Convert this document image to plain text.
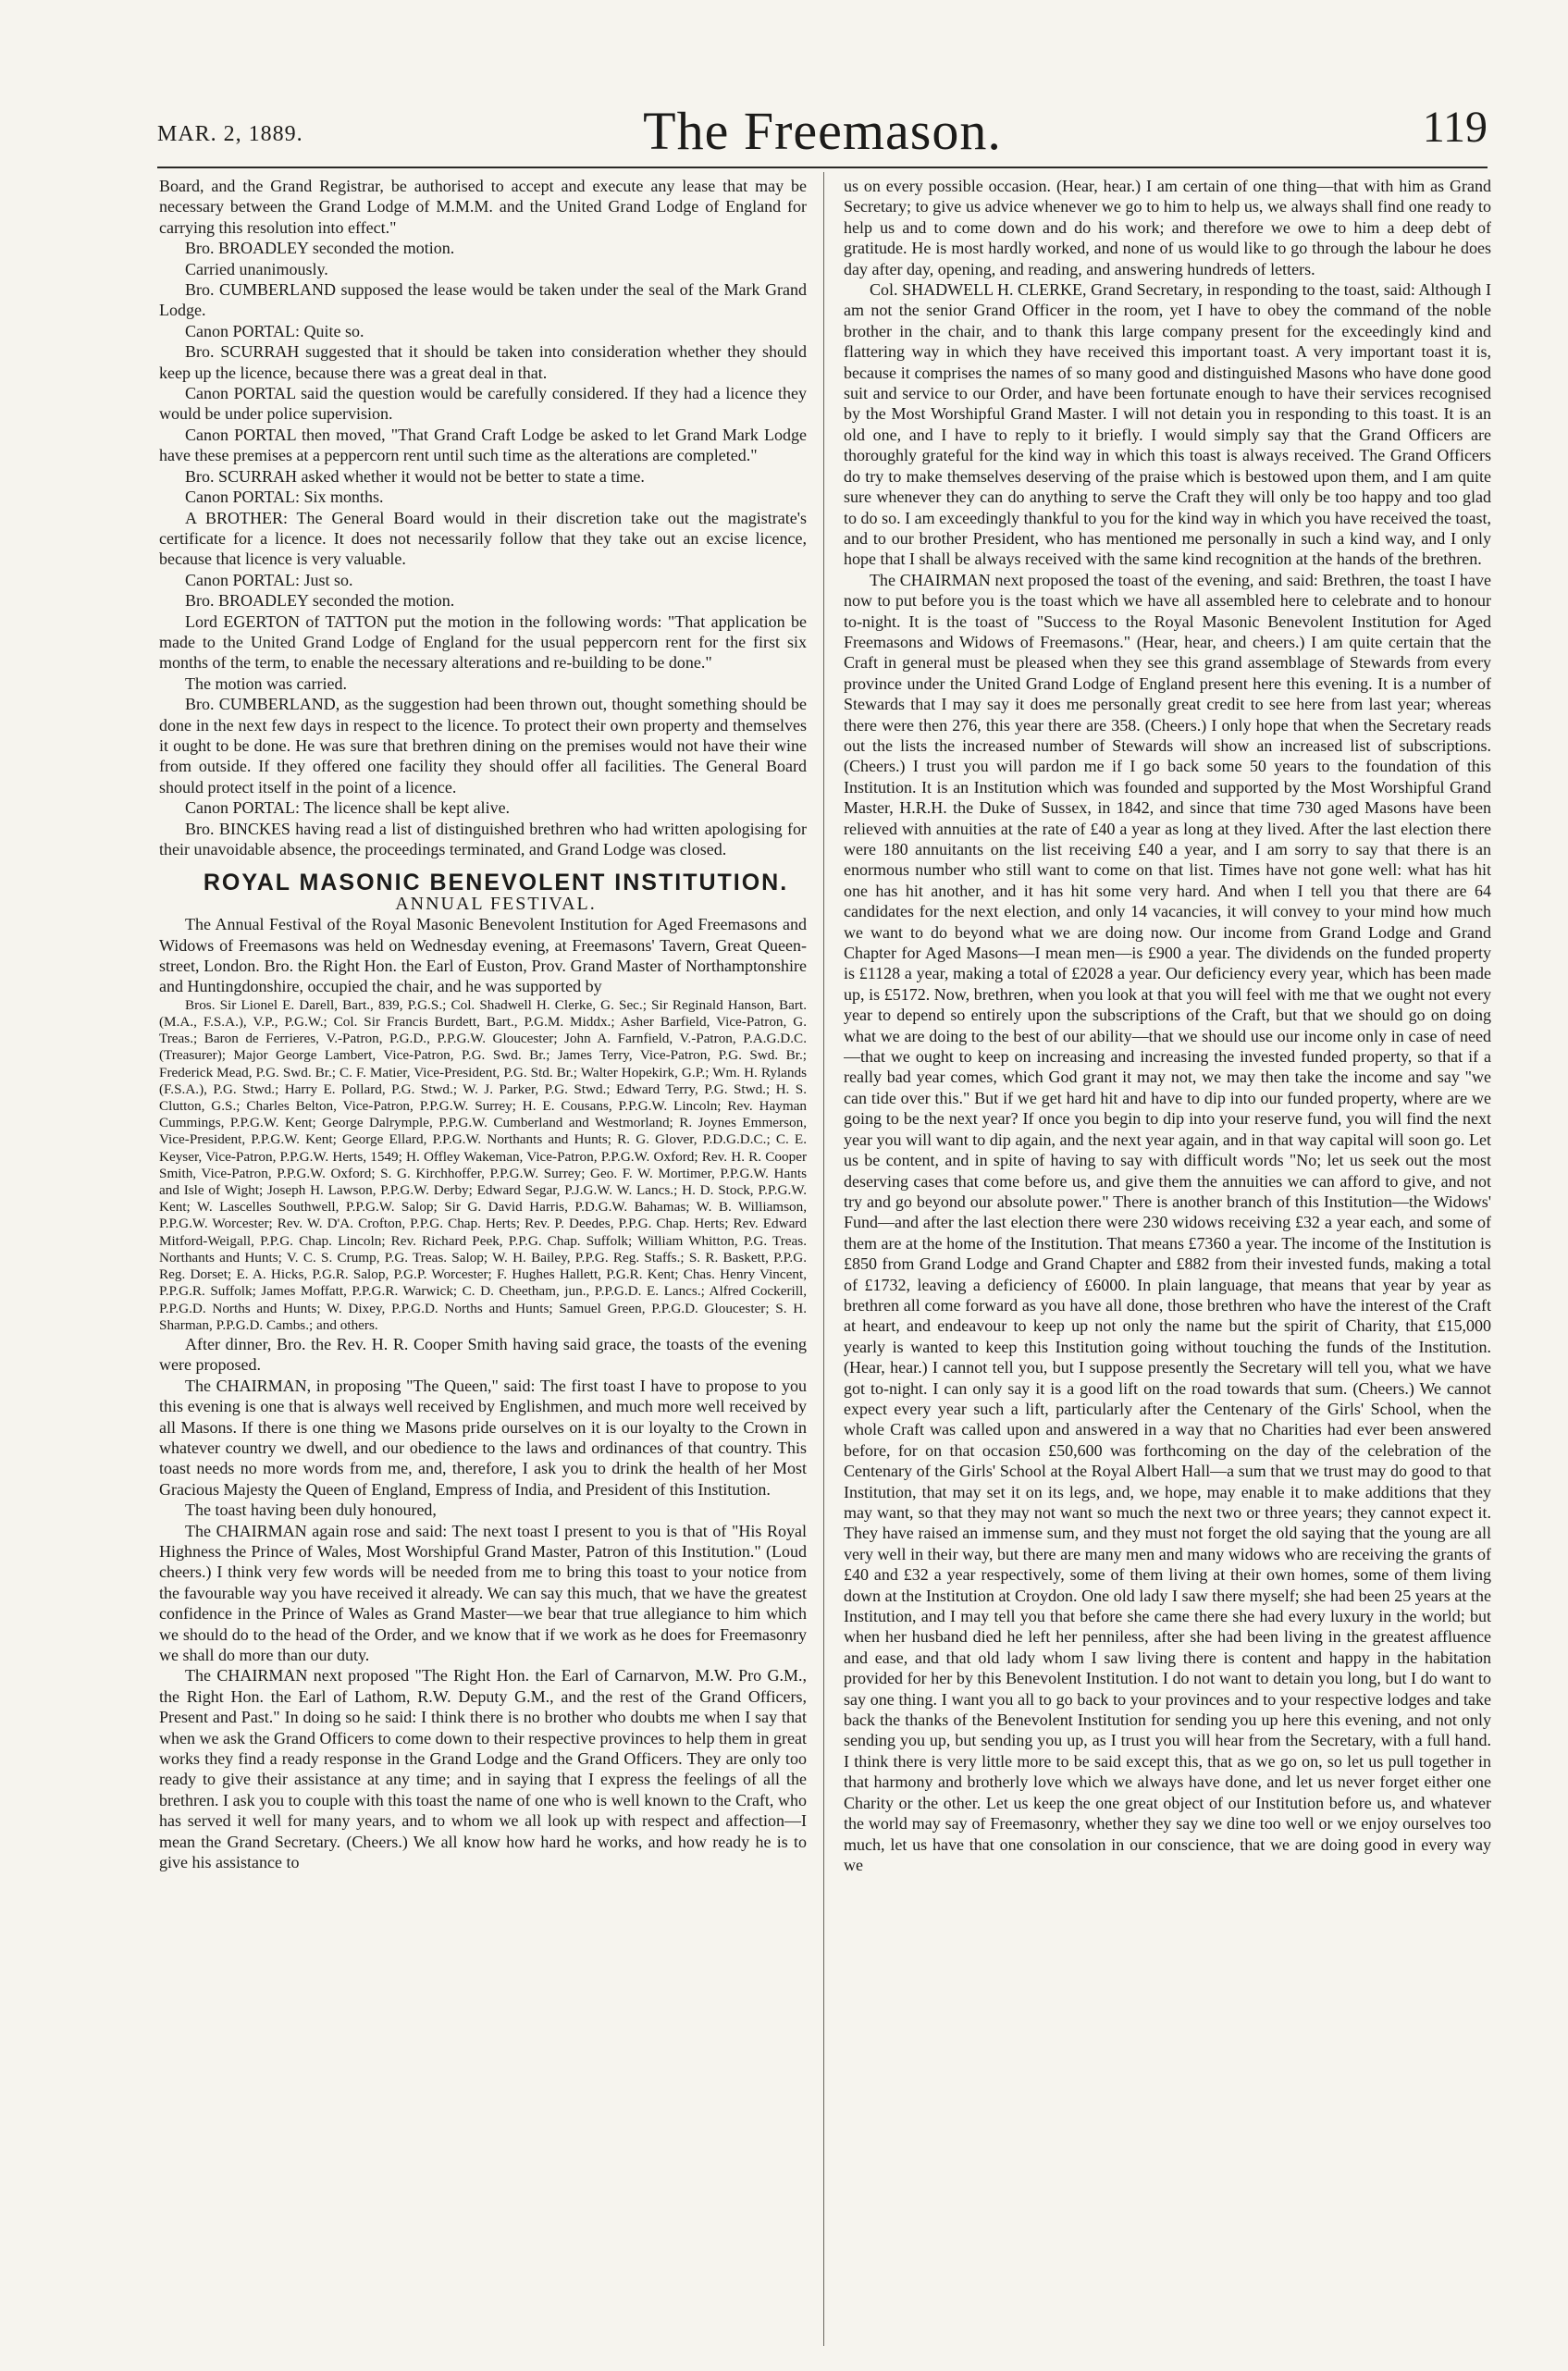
MAR. 2, 1889.	The Freemason.	119

Board, and the Grand Registrar, be authorised to accept and execute any lease that may be necessary between the Grand Lodge of M.M.M. and the United Grand Lodge of England for carrying this resolution into effect."

Bro. BROADLEY seconded the motion.

Carried unanimously.

Bro. CUMBERLAND supposed the lease would be taken under the seal of the Mark Grand Lodge.

Canon PORTAL: Quite so.

Bro. SCURRAH suggested that it should be taken into consideration whether they should keep up the licence, because there was a great deal in that.

Canon PORTAL said the question would be carefully considered. If they had a licence they would be under police supervision.

Canon PORTAL then moved, "That Grand Craft Lodge be asked to let Grand Mark Lodge have these premises at a peppercorn rent until such time as the alterations are completed."

Bro. SCURRAH asked whether it would not be better to state a time.

Canon PORTAL: Six months.

A BROTHER: The General Board would in their discretion take out the magistrate's certificate for a licence. It does not necessarily follow that they take out an excise licence, because that licence is very valuable.

Canon PORTAL: Just so.

Bro. BROADLEY seconded the motion.

Lord EGERTON of TATTON put the motion in the following words: "That application be made to the United Grand Lodge of England for the usual peppercorn rent for the first six months of the term, to enable the necessary alterations and re-building to be done."

The motion was carried.

Bro. CUMBERLAND, as the suggestion had been thrown out, thought something should be done in the next few days in respect to the licence. To protect their own property and themselves it ought to be done. He was sure that brethren dining on the premises would not have their wine from outside. If they offered one facility they should offer all facilities. The General Board should protect itself in the point of a licence.

Canon PORTAL: The licence shall be kept alive.

Bro. BINCKES having read a list of distinguished brethren who had written apologising for their unavoidable absence, the proceedings terminated, and Grand Lodge was closed.

ROYAL MASONIC BENEVOLENT INSTITUTION.

ANNUAL FESTIVAL.

The Annual Festival of the Royal Masonic Benevolent Institution for Aged Freemasons and Widows of Freemasons was held on Wednesday evening, at Freemasons' Tavern, Great Queen-street, London. Bro. the Right Hon. the Earl of Euston, Prov. Grand Master of Northamptonshire and Huntingdonshire, occupied the chair, and he was supported by

Bros. Sir Lionel E. Darell, Bart., 839, P.G.S.; Col. Shadwell H. Clerke, G. Sec.; Sir Reginald Hanson, Bart. (M.A., F.S.A.), V.P., P.G.W.; Col. Sir Francis Burdett, Bart., P.G.M. Middx.; Asher Barfield, Vice-Patron, G. Treas.; Baron de Ferrieres, V.-Patron, P.G.D., P.P.G.W. Gloucester; John A. Farnfield, V.-Patron, P.A.G.D.C. (Treasurer); Major George Lambert, Vice-Patron, P.G. Swd. Br.; James Terry, Vice-Patron, P.G. Swd. Br.; Frederick Mead, P.G. Swd. Br.; C. F. Matier, Vice-President, P.G. Std. Br.; Walter Hopekirk, G.P.; Wm. H. Rylands (F.S.A.), P.G. Stwd.; Harry E. Pollard, P.G. Stwd.; W. J. Parker, P.G. Stwd.; Edward Terry, P.G. Stwd.; H. S. Clutton, G.S.; Charles Belton, Vice-Patron, P.P.G.W. Surrey; H. E. Cousans, P.P.G.W. Lincoln; Rev. Hayman Cummings, P.P.G.W. Kent; George Dalrymple, P.P.G.W. Cumberland and Westmorland; R. Joynes Emmerson, Vice-President, P.P.G.W. Kent; George Ellard, P.P.G.W. Northants and Hunts; R. G. Glover, P.D.G.D.C.; C. E. Keyser, Vice-Patron, P.P.G.W. Herts, 1549; H. Offley Wakeman, Vice-Patron, P.P.G.W. Oxford; Rev. H. R. Cooper Smith, Vice-Patron, P.P.G.W. Oxford; S. G. Kirchhoffer, P.P.G.W. Surrey; Geo. F. W. Mortimer, P.P.G.W. Hants and Isle of Wight; Joseph H. Lawson, P.P.G.W. Derby; Edward Segar, P.J.G.W. W. Lancs.; H. D. Stock, P.P.G.W. Kent; W. Lascelles Southwell, P.P.G.W. Salop; Sir G. David Harris, P.D.G.W. Bahamas; W. B. Williamson, P.P.G.W. Worcester; Rev. W. D'A. Crofton, P.P.G. Chap. Herts; Rev. P. Deedes, P.P.G. Chap. Herts; Rev. Edward Mitford-Weigall, P.P.G. Chap. Lincoln; Rev. Richard Peek, P.P.G. Chap. Suffolk; William Whitton, P.G. Treas. Northants and Hunts; V. C. S. Crump, P.G. Treas. Salop; W. H. Bailey, P.P.G. Reg. Staffs.; S. R. Baskett, P.P.G. Reg. Dorset; E. A. Hicks, P.G.R. Salop, P.G.P. Worcester; F. Hughes Hallett, P.G.R. Kent; Chas. Henry Vincent, P.P.G.R. Suffolk; James Moffatt, P.P.G.R. Warwick; C. D. Cheetham, jun., P.P.G.D. E. Lancs.; Alfred Cockerill, P.P.G.D. Norths and Hunts; W. Dixey, P.P.G.D. Norths and Hunts; Samuel Green, P.P.G.D. Gloucester; S. H. Sharman, P.P.G.D. Cambs.; and others.

After dinner, Bro. the Rev. H. R. Cooper Smith having said grace, the toasts of the evening were proposed.

The CHAIRMAN, in proposing "The Queen," said: The first toast I have to propose to you this evening is one that is always well received by Englishmen, and much more well received by all Masons. If there is one thing we Masons pride ourselves on it is our loyalty to the Crown in whatever country we dwell, and our obedience to the laws and ordinances of that country. This toast needs no more words from me, and, therefore, I ask you to drink the health of her Most Gracious Majesty the Queen of England, Empress of India, and President of this Institution.

The toast having been duly honoured,

The CHAIRMAN again rose and said: The next toast I present to you is that of "His Royal Highness the Prince of Wales, Most Worshipful Grand Master, Patron of this Institution." (Loud cheers.) I think very few words will be needed from me to bring this toast to your notice from the favourable way you have received it already. We can say this much, that we have the greatest confidence in the Prince of Wales as Grand Master—we bear that true allegiance to him which we should do to the head of the Order, and we know that if we work as he does for Freemasonry we shall do more than our duty.

The CHAIRMAN next proposed "The Right Hon. the Earl of Carnarvon, M.W. Pro G.M., the Right Hon. the Earl of Lathom, R.W. Deputy G.M., and the rest of the Grand Officers, Present and Past." In doing so he said: I think there is no brother who doubts me when I say that when we ask the Grand Officers to come down to their respective provinces to help them in great works they find a ready response in the Grand Lodge and the Grand Officers. They are only too ready to give their assistance at any time; and in saying that I express the feelings of all the brethren. I ask you to couple with this toast the name of one who is well known to the Craft, who has served it well for many years, and to whom we all look up with respect and affection—I mean the Grand Secretary. (Cheers.) We all know how hard he works, and how ready he is to give his assistance to

us on every possible occasion. (Hear, hear.) I am certain of one thing—that with him as Grand Secretary; to give us advice whenever we go to him to help us, we always shall find one ready to help us and to come down and do his work; and therefore we owe to him a deep debt of gratitude. He is most hardly worked, and none of us would like to go through the labour he does day after day, opening, and reading, and answering hundreds of letters.

Col. SHADWELL H. CLERKE, Grand Secretary, in responding to the toast, said: Although I am not the senior Grand Officer in the room, yet I have to obey the command of the noble brother in the chair, and to thank this large company present for the exceedingly kind and flattering way in which they have received this important toast. A very important toast it is, because it comprises the names of so many good and distinguished Masons who have done good suit and service to our Order, and have been fortunate enough to have their services recognised by the Most Worshipful Grand Master. I will not detain you in responding to this toast. It is an old one, and I have to reply to it briefly. I would simply say that the Grand Officers are thoroughly grateful for the kind way in which this toast is always received. The Grand Officers do try to make themselves deserving of the praise which is bestowed upon them, and I am quite sure whenever they can do anything to serve the Craft they will only be too happy and too glad to do so. I am exceedingly thankful to you for the kind way in which you have received the toast, and to our brother President, who has mentioned me personally in such a kind way, and I only hope that I shall be always received with the same kind recognition at the hands of the brethren.

The CHAIRMAN next proposed the toast of the evening, and said: Brethren, the toast I have now to put before you is the toast which we have all assembled here to celebrate and to honour to-night. It is the toast of "Success to the Royal Masonic Benevolent Institution for Aged Freemasons and Widows of Freemasons." (Hear, hear, and cheers.) I am quite certain that the Craft in general must be pleased when they see this grand assemblage of Stewards from every province under the United Grand Lodge of England present here this evening. It is a number of Stewards that I may say it does me personally great credit to see here from last year; whereas there were then 276, this year there are 358. (Cheers.) I only hope that when the Secretary reads out the lists the increased number of Stewards will show an increased list of subscriptions. (Cheers.) I trust you will pardon me if I go back some 50 years to the foundation of this Institution. It is an Institution which was founded and supported by the Most Worshipful Grand Master, H.R.H. the Duke of Sussex, in 1842, and since that time 730 aged Masons have been relieved with annuities at the rate of £40 a year as long at they lived. After the last election there were 180 annuitants on the list receiving £40 a year, and I am sorry to say that there is an enormous number who still want to come on that list. Times have not gone well: what has hit one has hit another, and it has hit some very hard. And when I tell you that there are 64 candidates for the next election, and only 14 vacancies, it will convey to your mind how much we want to do beyond what we are doing now. Our income from Grand Lodge and Grand Chapter for Aged Masons—I mean men—is £900 a year. The dividends on the funded property is £1128 a year, making a total of £2028 a year. Our deficiency every year, which has been made up, is £5172. Now, brethren, when you look at that you will feel with me that we ought not every year to depend so entirely upon the subscriptions of the Craft, but that we should go on doing what we are doing to the best of our ability—that we should use our income only in case of need—that we ought to keep on increasing and increasing the invested funded property, so that if a really bad year comes, which God grant it may not, we may then take the income and say "we can tide over this." But if we get hard hit and have to dip into our funded property, where are we going to be the next year? If once you begin to dip into your reserve fund, you will find the next year you will want to dip again, and the next year again, and in that way capital will soon go. Let us be content, and in spite of having to say with difficult words "No; let us seek out the most deserving cases that come before us, and give them the annuities we can afford to give, and not try and go beyond our absolute power." There is another branch of this Institution—the Widows' Fund—and after the last election there were 230 widows receiving £32 a year each, and some of them are at the home of the Institution. That means £7360 a year. The income of the Institution is £850 from Grand Lodge and Grand Chapter and £882 from their invested funds, making a total of £1732, leaving a deficiency of £6000. In plain language, that means that year by year as brethren all come forward as you have all done, those brethren who have the interest of the Craft at heart, and endeavour to keep up not only the name but the spirit of Charity, that £15,000 yearly is wanted to keep this Institution going without touching the funds of the Institution. (Hear, hear.) I cannot tell you, but I suppose presently the Secretary will tell you, what we have got to-night. I can only say it is a good lift on the road towards that sum. (Cheers.) We cannot expect every year such a lift, particularly after the Centenary of the Girls' School, when the whole Craft was called upon and answered in a way that no Charities had ever been answered before, for on that occasion £50,600 was forthcoming on the day of the celebration of the Centenary of the Girls' School at the Royal Albert Hall—a sum that we trust may do good to that Institution, that may set it on its legs, and, we hope, may enable it to make additions that they may want, so that they may not want so much the next two or three years; they cannot expect it. They have raised an immense sum, and they must not forget the old saying that the young are all very well in their way, but there are many men and many widows who are receiving the grants of £40 and £32 a year respectively, some of them living at their own homes, some of them living down at the Institution at Croydon. One old lady I saw there myself; she had been 25 years at the Institution, and I may tell you that before she came there she had every luxury in the world; but when her husband died he left her penniless, after she had been living in the greatest affluence and ease, and that old lady whom I saw living there is content and happy in the habitation provided for her by this Benevolent Institution. I do not want to detain you long, but I do want to say one thing. I want you all to go back to your provinces and to your respective lodges and take back the thanks of the Benevolent Institution for sending you up here this evening, and not only sending you up, but sending you up, as I trust you will hear from the Secretary, with a full hand. I think there is very little more to be said except this, that as we go on, so let us pull together in that harmony and brotherly love which we always have done, and let us never forget either one Charity or the other. Let us keep the one great object of our Institution before us, and whatever the world may say of Freemasonry, whether they say we dine too well or we enjoy ourselves too much, let us have that one consolation in our conscience, that we are doing good in every way we
